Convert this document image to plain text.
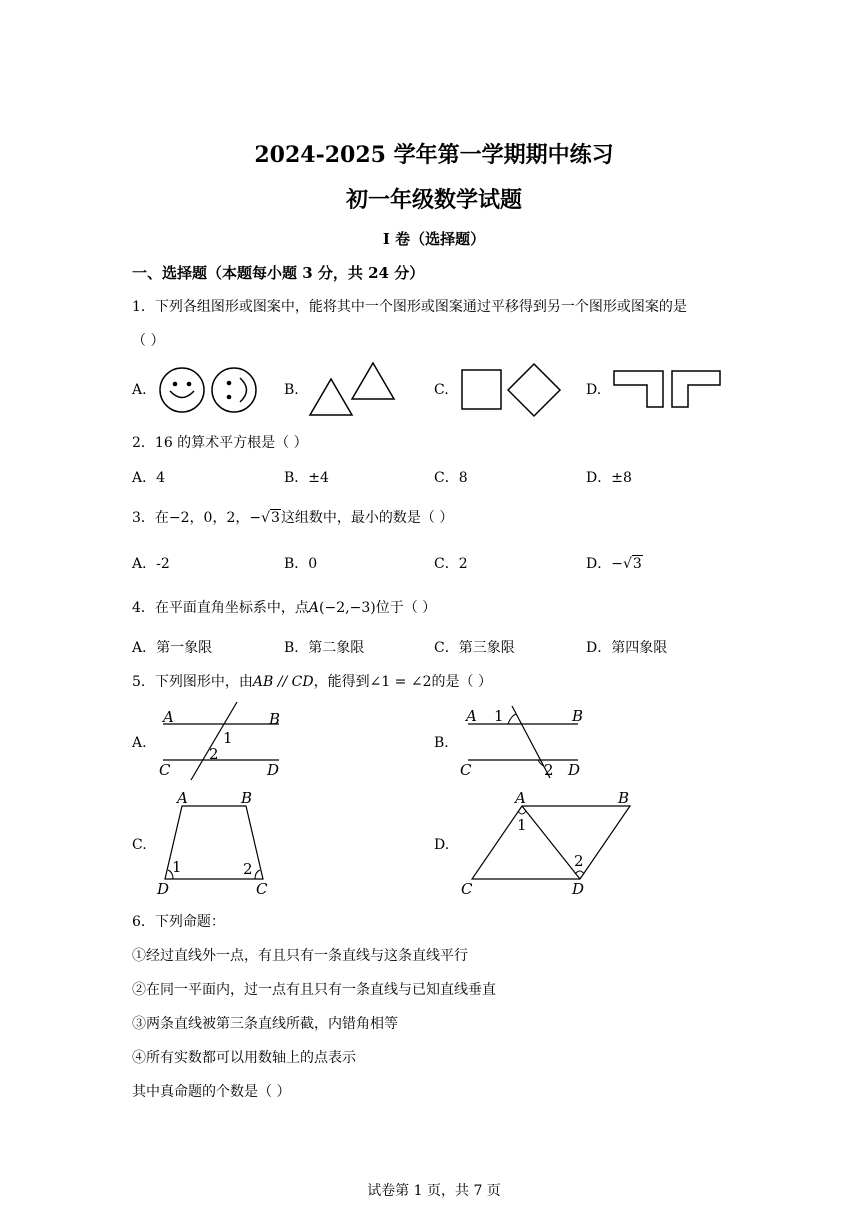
2024-2025 学年第一学期期中练习
初一年级数学试题
I 卷（选择题）
一、选择题（本题每小题 3 分，共 24 分）
1．下列各组图形或图案中，能将其中一个图形或图案通过平移得到另一个图形或图案的是
（ ）
A.	B.	C.	D.
2．16 的算术平方根是（ ）
A．4	B．±4	C．8	D．±8
3．在−2，0，2，−√3这组数中，最小的数是（ ）
A．-2	B．0	C．2	D．−√3
4．在平面直角坐标系中，点A(−2,−3)位于（ ）
A．第一象限	B．第二象限	C．第三象限	D．第四象限
5．下列图形中，由AB // CD，能得到∠1 = ∠2的是（ ）
A.
A	B
C	D
1
2
B.
A 1	B
C	2 D
C.
A	B
1	2
D	C
D.
A	B
1
2
C	D
6．下列命题：
①经过直线外一点，有且只有一条直线与这条直线平行
②在同一平面内，过一点有且只有一条直线与已知直线垂直
③两条直线被第三条直线所截，内错角相等
④所有实数都可以用数轴上的点表示
其中真命题的个数是（ ）
试卷第 1 页，共 7 页
